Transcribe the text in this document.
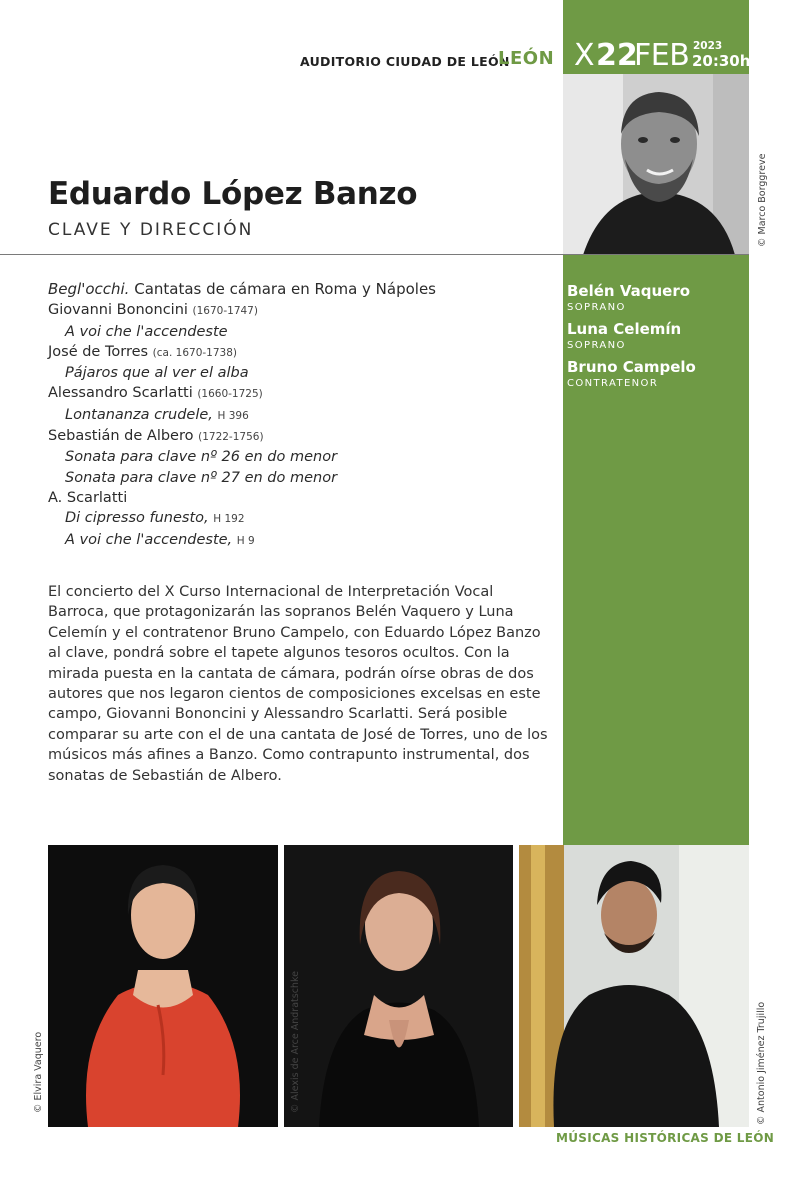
X 22
FEB 2023
20:30h
AUDITORIO CIUDAD DE LEÓN
LEÓN
© Marco Borggreve
Eduardo López Banzo
CLAVE Y DIRECCIÓN
Begl'occhi. Cantatas de cámara en Roma y Nápoles
Giovanni Bononcini (1670-1747)
A voi che l'accendeste
José de Torres (ca. 1670-1738)
Pájaros que al ver el alba
Alessandro Scarlatti (1660-1725)
Lontananza crudele, H 396
Sebastián de Albero (1722-1756)
Sonata para clave nº 26 en do menor
Sonata para clave nº 27 en do menor
A. Scarlatti
Di cipresso funesto, H 192
A voi che l'accendeste, H 9
Belén Vaquero
SOPRANO
Luna Celemín
SOPRANO
Bruno Campelo
CONTRATENOR
El concierto del X Curso Internacional de Interpretación Vocal Barroca, que protagonizarán las sopranos Belén Vaquero y Luna Celemín y el contratenor Bruno Campelo, con Eduardo López Banzo al clave, pondrá sobre el tapete algunos tesoros ocultos. Con la mirada puesta en la cantata de cámara, podrán oírse obras de dos autores que nos legaron cientos de composiciones excelsas en este campo, Giovanni Bononcini y Alessandro Scarlatti. Será posible comparar su arte con el de una cantata de José de Torres, uno de los músicos más afines a Banzo. Como contrapunto instrumental, dos sonatas de Sebastián de Albero.
© Elvira Vaquero	© Alexis de Arce Andratschke	© Antonio Jiménez Trujillo
MÚSICAS HISTÓRICAS DE LEÓN
